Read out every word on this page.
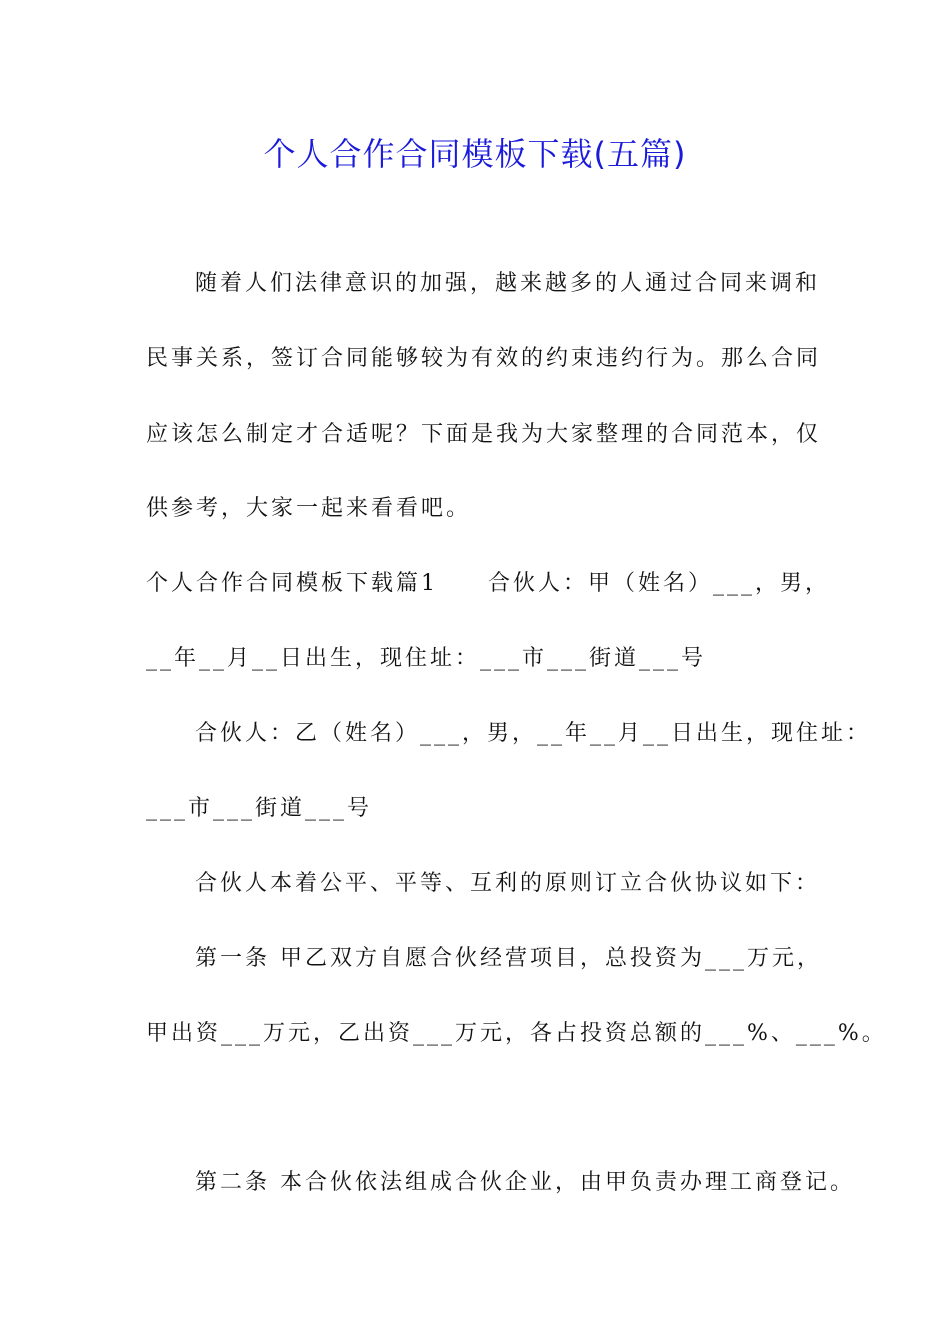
个人合作合同模板下载(五篇)
随着人们法律意识的加强，越来越多的人通过合同来调和
民事关系，签订合同能够较为有效的约束违约行为。那么合同
应该怎么制定才合适呢？下面是我为大家整理的合同范本，仅
供参考，大家一起来看看吧。
个人合作合同模板下载篇1　　合伙人：甲（姓名）___，男，
__年__月__日出生，现住址：___市___街道___号
合伙人：乙（姓名）___，男，__年__月__日出生，现住址：
___市___街道___号
合伙人本着公平、平等、互利的原则订立合伙协议如下：
第一条 甲乙双方自愿合伙经营项目，总投资为___万元，
甲出资___万元，乙出资___万元，各占投资总额的___%、___%。
第二条 本合伙依法组成合伙企业，由甲负责办理工商登记。
